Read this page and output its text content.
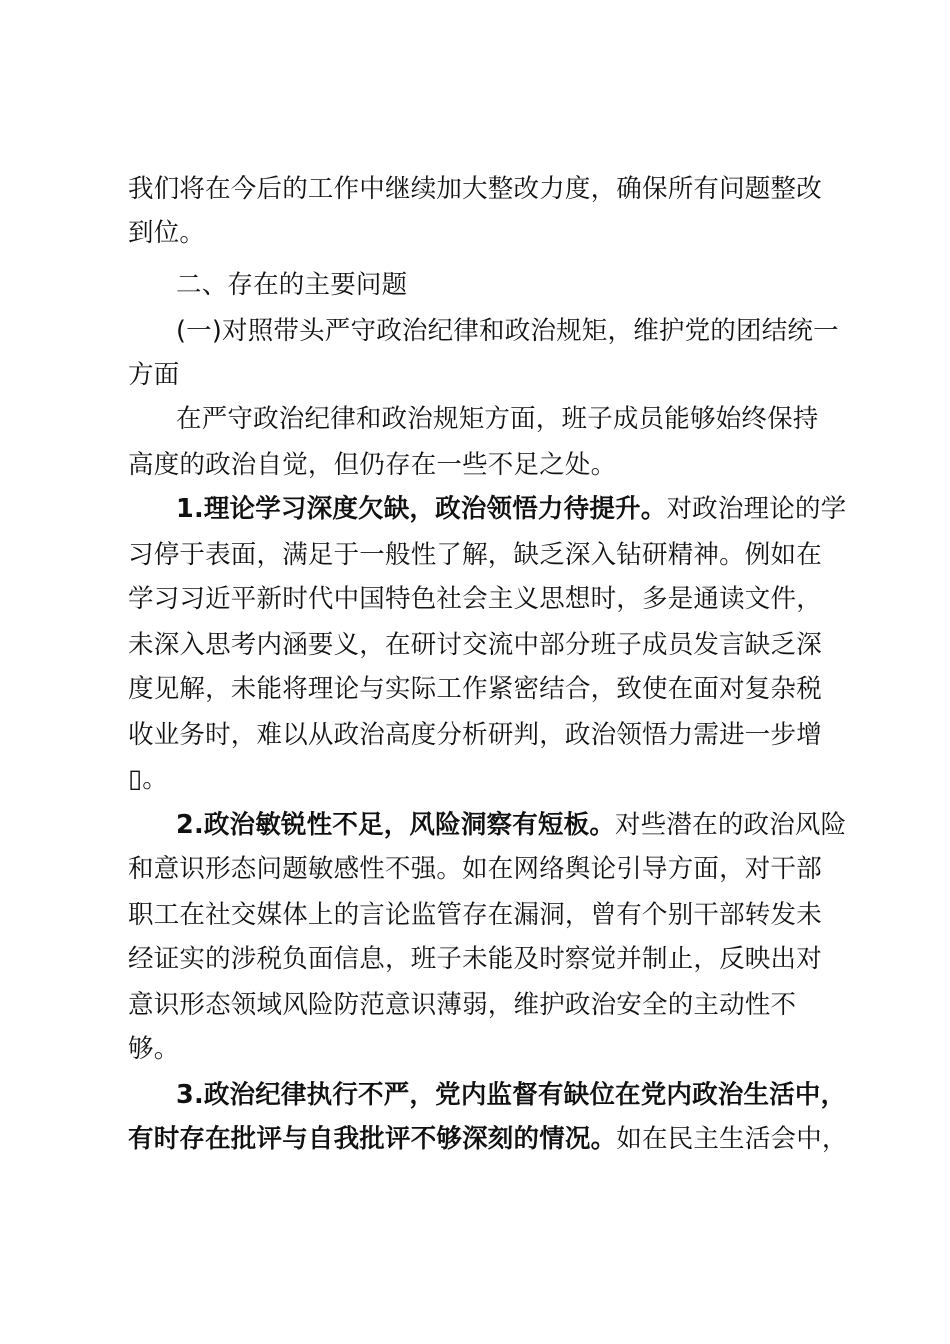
我们将在今后的工作中继续加大整改力度，确保所有问题整改
到位。
二、存在的主要问题
(一)对照带头严守政治纪律和政治规矩，维护党的团结统一
方面
在严守政治纪律和政治规矩方面，班子成员能够始终保持
高度的政治自觉，但仍存在一些不足之处。
1.理论学习深度欠缺，政治领悟力待提升。对政治理论的学
习停于表面，满足于一般性了解，缺乏深入钻研精神。例如在
学习习近平新时代中国特色社会主义思想时，多是通读文件，
未深入思考内涵要义，在研讨交流中部分班子成员发言缺乏深
度见解，未能将理论与实际工作紧密结合，致使在面对复杂税
收业务时，难以从政治高度分析研判，政治领悟力需进一步增
▯。
2.政治敏锐性不足，风险洞察有短板。对些潜在的政治风险
和意识形态问题敏感性不强。如在网络舆论引导方面，对干部
职工在社交媒体上的言论监管存在漏洞，曾有个别干部转发未
经证实的涉税负面信息，班子未能及时察觉并制止，反映出对
意识形态领域风险防范意识薄弱，维护政治安全的主动性不
够。
3.政治纪律执行不严，党内监督有缺位在党内政治生活中，
有时存在批评与自我批评不够深刻的情况。如在民主生活会中，
